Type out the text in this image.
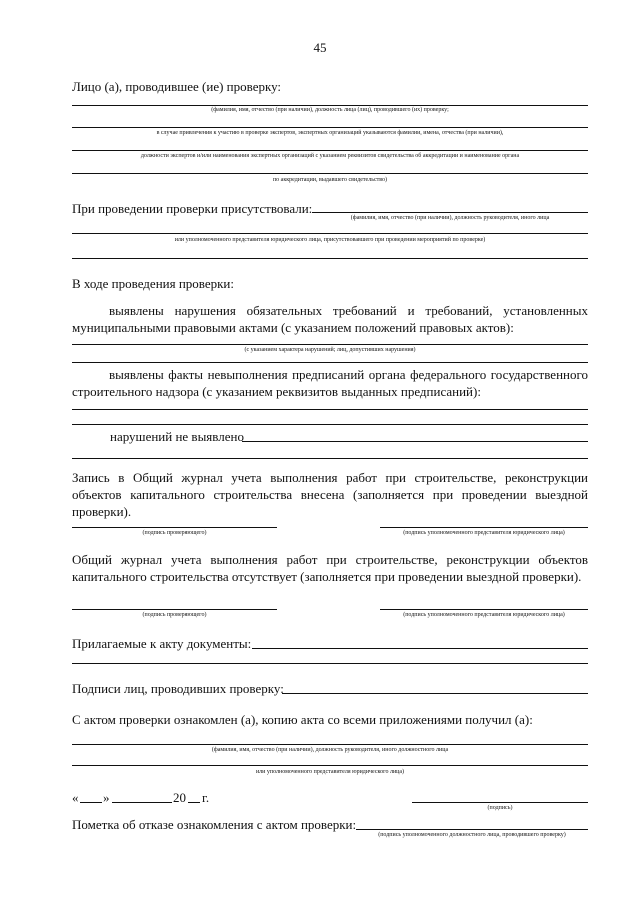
45
Лицо (а), проводившее (ие) проверку:
(фамилия, имя, отчество (при наличии), должность лица (лиц), проводившего (их) проверку;
в случае привлечения к участию в проверке экспертов, экспертных организаций указываются фамилии, имена, отчества (при наличии),
должности экспертов и/или наименования экспертных организаций с указанием реквизитов свидетельства об аккредитации и наименование органа
по аккредитации, выдавшего свидетельство)
При проведении проверки присутствовали:
(фамилия, имя, отчество (при наличии), должность руководителя, иного лица
или уполномоченного представителя юридического лица, присутствовавшего при проведении мероприятий по проверке)
В ходе проведения проверки:
выявлены нарушения обязательных требований и требований, установленных муниципальными правовыми актами (с указанием положений правовых актов):
(с указанием характера нарушений; лиц, допустивших нарушения)
выявлены факты невыполнения предписаний органа федерального государственного строительного надзора (с указанием реквизитов выданных предписаний):
нарушений не выявлено
Запись в Общий журнал учета выполнения работ при строительстве, реконструкции объектов капитального строительства внесена (заполняется при проведении выездной проверки).
(подпись проверяющего)	(подпись уполномоченного представителя юридического лица)
Общий журнал учета выполнения работ при строительстве, реконструкции объектов капитального строительства отсутствует (заполняется при проведении выездной проверки).
(подпись проверяющего)	(подпись уполномоченного представителя юридического лица)
Прилагаемые к акту документы:
Подписи лиц, проводивших проверку:
С актом проверки ознакомлен (а), копию акта со всеми приложениями получил (а):
(фамилия, имя, отчество (при наличии), должность руководителя, иного должностного лица
или уполномоченного представителя юридического лица)
« »	20 г.
(подпись)
Пометка об отказе ознакомления с актом проверки:
(подпись уполномоченного должностного лица, проводившего проверку)
